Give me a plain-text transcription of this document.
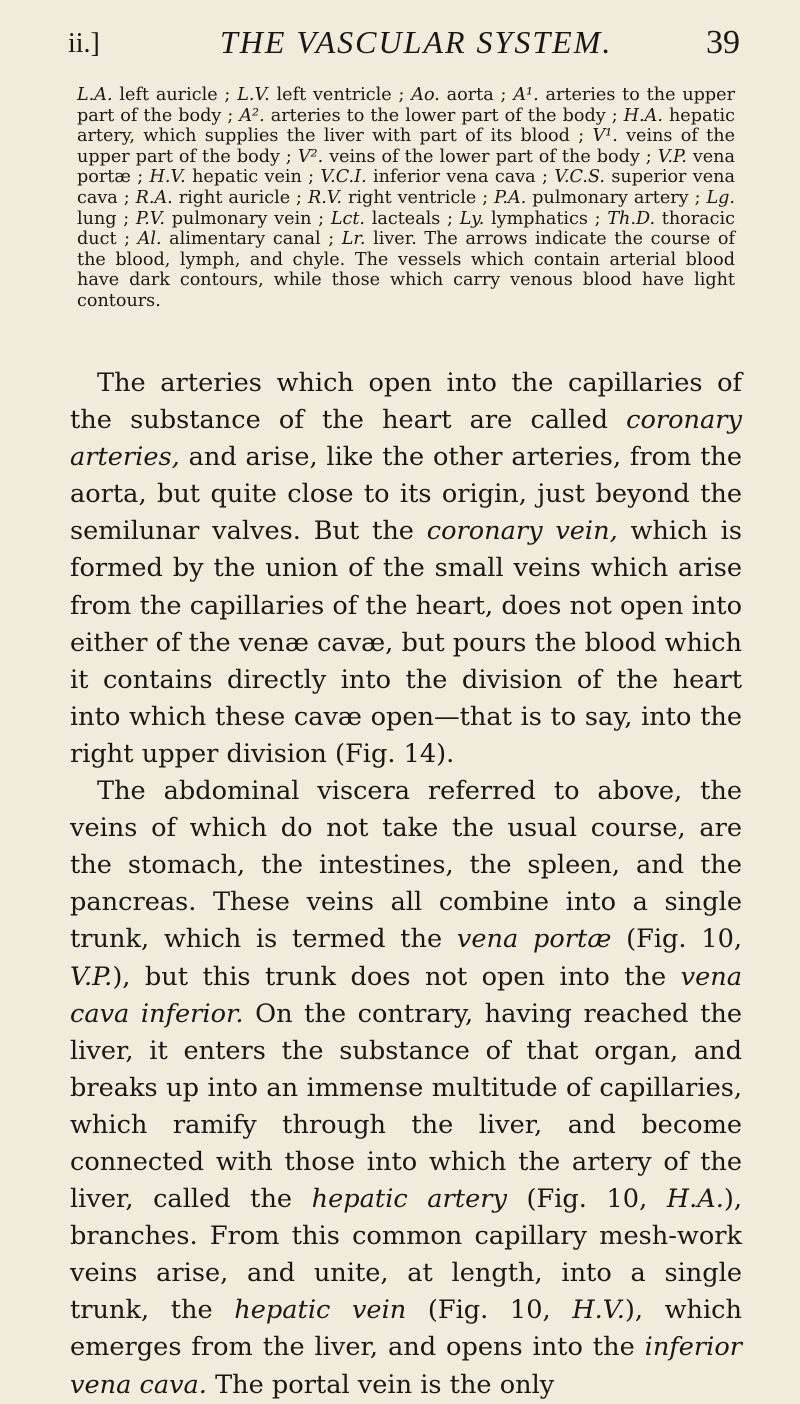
ii.]	THE VASCULAR SYSTEM.	39
L.A. left auricle ; L.V. left ventricle ; Ao. aorta ; A¹. arteries to the upper part of the body ; A². arteries to the lower part of the body ; H.A. hepatic artery, which supplies the liver with part of its blood ; V¹. veins of the upper part of the body ; V². veins of the lower part of the body ; V.P. vena portæ ; H.V. hepatic vein ; V.C.I. inferior vena cava ; V.C.S. superior vena cava ; R.A. right auricle ; R.V. right ventricle ; P.A. pulmonary artery ; Lg. lung ; P.V. pulmonary vein ; Lct. lacteals ; Ly. lymphatics ; Th.D. thoracic duct ; Al. alimentary canal ; Lr. liver. The arrows indicate the course of the blood, lymph, and chyle. The vessels which contain arterial blood have dark contours, while those which carry venous blood have light contours.

The arteries which open into the capillaries of the substance of the heart are called coronary arteries, and arise, like the other arteries, from the aorta, but quite close to its origin, just beyond the semilunar valves. But the coronary vein, which is formed by the union of the small veins which arise from the capillaries of the heart, does not open into either of the venæ cavæ, but pours the blood which it contains directly into the division of the heart into which these cavæ open—that is to say, into the right upper division (Fig. 14).

The abdominal viscera referred to above, the veins of which do not take the usual course, are the stomach, the intestines, the spleen, and the pancreas. These veins all combine into a single trunk, which is termed the vena portæ (Fig. 10, V.P.), but this trunk does not open into the vena cava inferior. On the contrary, having reached the liver, it enters the substance of that organ, and breaks up into an immense multitude of capillaries, which ramify through the liver, and become connected with those into which the artery of the liver, called the hepatic artery (Fig. 10, H.A.), branches. From this common capillary mesh-work veins arise, and unite, at length, into a single trunk, the hepatic vein (Fig. 10, H.V.), which emerges from the liver, and opens into the inferior vena cava. The portal vein is the only
